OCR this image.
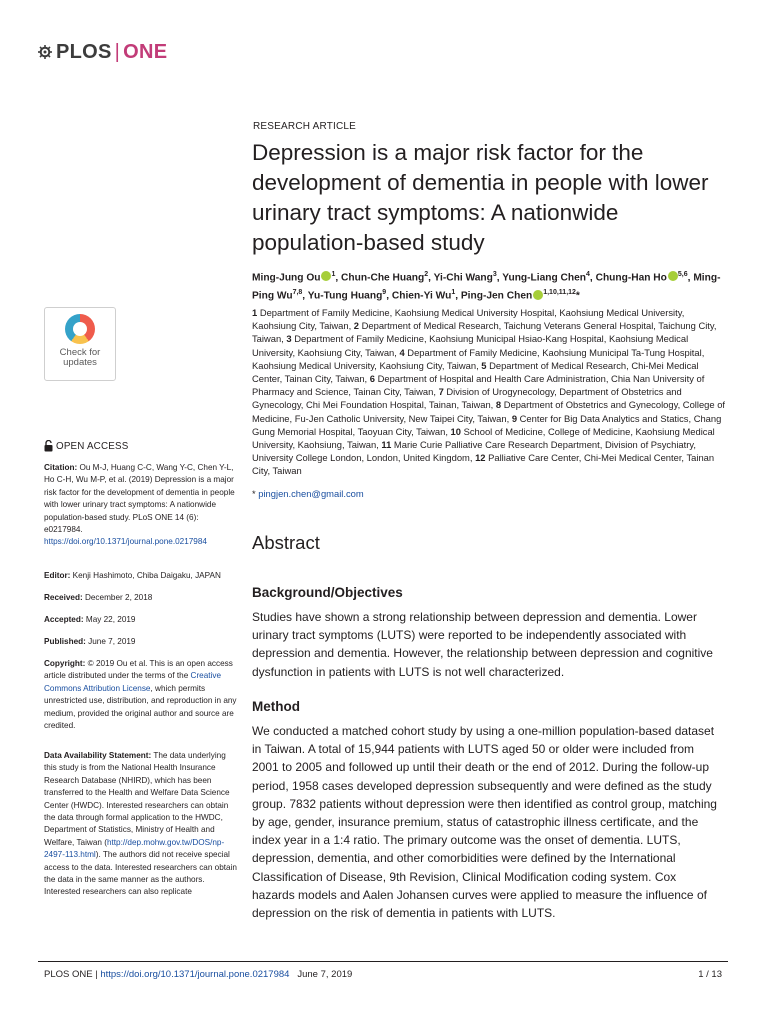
PLOS | ONE
RESEARCH ARTICLE
Depression is a major risk factor for the development of dementia in people with lower urinary tract symptoms: A nationwide population-based study
Ming-Jung Ou $^1$, Chun-Che Huang$^2$, Yi-Chi Wang$^3$, Yung-Liang Chen$^4$, Chung-Han Ho $^{5,6}$, Ming-Ping Wu$^{7,8}$, Yu-Tung Huang$^9$, Chien-Yi Wu$^1$, Ping-Jen Chen $^{1,10,11,12}$*
1 Department of Family Medicine, Kaohsiung Medical University Hospital, Kaohsiung Medical University, Kaohsiung City, Taiwan, 2 Department of Medical Research, Taichung Veterans General Hospital, Taichung City, Taiwan, 3 Department of Family Medicine, Kaohsiung Municipal Hsiao-Kang Hospital, Kaohsiung Medical University, Kaohsiung City, Taiwan, 4 Department of Family Medicine, Kaohsiung Municipal Ta-Tung Hospital, Kaohsiung Medical University, Kaohsiung City, Taiwan, 5 Department of Medical Research, Chi-Mei Medical Center, Tainan City, Taiwan, 6 Department of Hospital and Health Care Administration, Chia Nan University of Pharmacy and Science, Tainan City, Taiwan, 7 Division of Urogynecology, Department of Obstetrics and Gynecology, Chi Mei Foundation Hospital, Tainan, Taiwan, 8 Department of Obstetrics and Gynecology, College of Medicine, Fu-Jen Catholic University, New Taipei City, Taiwan, 9 Center for Big Data Analytics and Statics, Chang Gung Memorial Hospital, Taoyuan City, Taiwan, 10 School of Medicine, College of Medicine, Kaohsiung Medical University, Kaohsiung, Taiwan, 11 Marie Curie Palliative Care Research Department, Division of Psychiatry, University College London, London, United Kingdom, 12 Palliative Care Center, Chi-Mei Medical Center, Tainan City, Taiwan
* pingjen.chen@gmail.com
Abstract
Background/Objectives
Studies have shown a strong relationship between depression and dementia. Lower urinary tract symptoms (LUTS) were reported to be independently associated with depression and dementia. However, the relationship between depression and cognitive dysfunction in patients with LUTS is not well characterized.
Method
We conducted a matched cohort study by using a one-million population-based dataset in Taiwan. A total of 15,944 patients with LUTS aged 50 or older were included from 2001 to 2005 and followed up until their death or the end of 2012. During the follow-up period, 1958 cases developed depression subsequently and were defined as the study group. 7832 patients without depression were then identified as control group, matching by age, gender, insurance premium, status of catastrophic illness certificate, and the index year in a 1:4 ratio. The primary outcome was the onset of dementia. LUTS, depression, dementia, and other comorbidities were defined by the International Classification of Disease, 9th Revision, Clinical Modification coding system. Cox hazards models and Aalen Johansen curves were applied to measure the influence of depression on the risk of dementia in patients with LUTS.
Check for updates
OPEN ACCESS
Citation: Ou M-J, Huang C-C, Wang Y-C, Chen Y-L, Ho C-H, Wu M-P, et al. (2019) Depression is a major risk factor for the development of dementia in people with lower urinary tract symptoms: A nationwide population-based study. PLoS ONE 14 (6): e0217984. https://doi.org/10.1371/journal.pone.0217984
Editor: Kenji Hashimoto, Chiba Daigaku, JAPAN
Received: December 2, 2018
Accepted: May 22, 2019
Published: June 7, 2019
Copyright: © 2019 Ou et al. This is an open access article distributed under the terms of the Creative Commons Attribution License, which permits unrestricted use, distribution, and reproduction in any medium, provided the original author and source are credited.
Data Availability Statement: The data underlying this study is from the National Health Insurance Research Database (NHIRD), which has been transferred to the Health and Welfare Data Science Center (HWDC). Interested researchers can obtain the data through formal application to the HWDC, Department of Statistics, Ministry of Health and Welfare, Taiwan (http://dep.mohw.gov.tw/DOS/np-2497-113.html). The authors did not receive special access to the data. Interested researchers can obtain the data in the same manner as the authors. Interested researchers can also replicate
PLOS ONE | https://doi.org/10.1371/journal.pone.0217984 June 7, 2019	1 / 13
